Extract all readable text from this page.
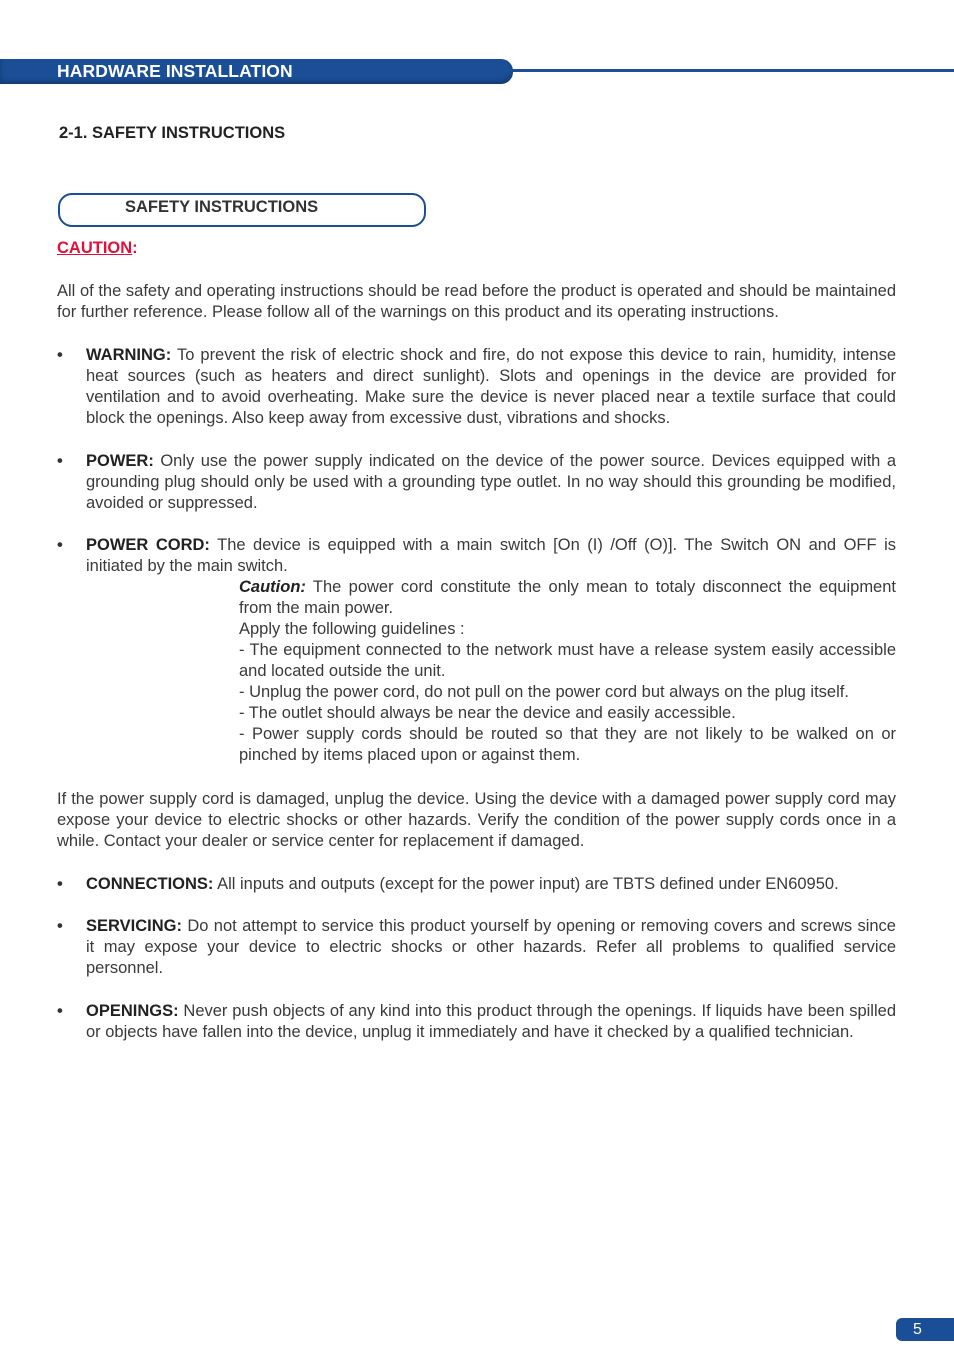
HARDWARE INSTALLATION
2-1. SAFETY INSTRUCTIONS
SAFETY INSTRUCTIONS
CAUTION:
All of the safety and operating instructions should be read before the product is operated and should be maintained for further reference. Please follow all of the warnings on this product and its operating instructions.
• WARNING: To prevent the risk of electric shock and fire, do not expose this device to rain, humidity, intense heat sources (such as heaters and direct sunlight). Slots and openings in the device are provided for ventilation and to avoid overheating. Make sure the device is never placed near a textile surface that could block the openings. Also keep away from excessive dust, vibrations and shocks.
• POWER: Only use the power supply indicated on the device of the power source. Devices equipped with a grounding plug should only be used with a grounding type outlet. In no way should this grounding be modified, avoided or suppressed.
• POWER CORD: The device is equipped with a main switch [On (I) /Off (O)]. The Switch ON and OFF is initiated by the main switch.
Caution: The power cord constitute the only mean to totaly disconnect the equipment from the main power.
Apply the following guidelines :
- The equipment connected to the network must have a release system easily accessible and located outside the unit.
- Unplug the power cord, do not pull on the power cord but always on the plug itself.
- The outlet should always be near the device and easily accessible.
- Power supply cords should be routed so that they are not likely to be walked on or pinched by items placed upon or against them.
If the power supply cord is damaged, unplug the device. Using the device with a damaged power supply cord may expose your device to electric shocks or other hazards. Verify the condition of the power supply cords once in a while. Contact your dealer or service center for replacement if damaged.
• CONNECTIONS: All inputs and outputs (except for the power input) are TBTS defined under EN60950.
• SERVICING: Do not attempt to service this product yourself by opening or removing covers and screws since it may expose your device to electric shocks or other hazards. Refer all problems to qualified service personnel.
• OPENINGS: Never push objects of any kind into this product through the openings. If liquids have been spilled or objects have fallen into the device, unplug it immediately and have it checked by a qualified technician.
5
